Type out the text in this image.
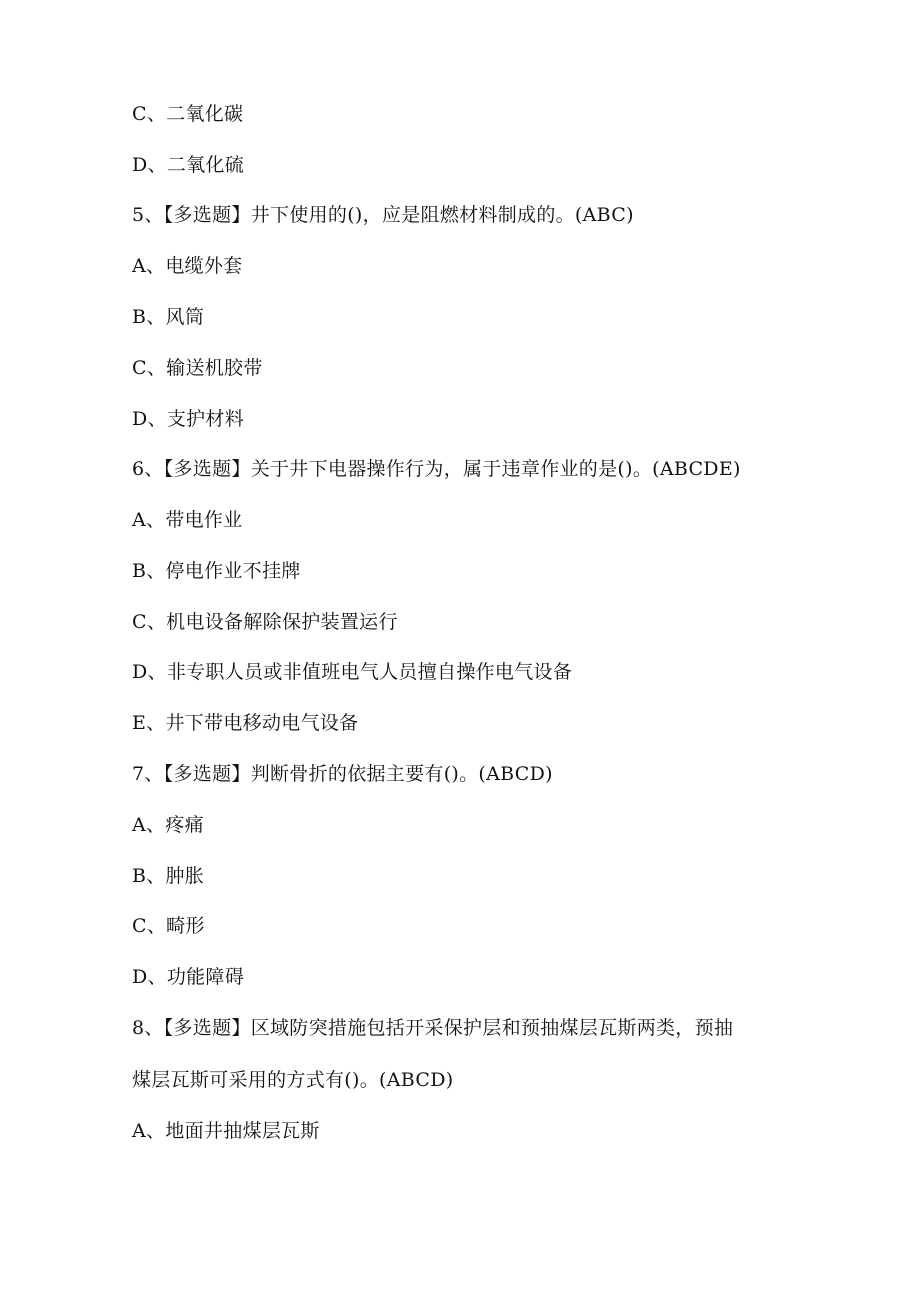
C、二氧化碳

D、二氧化硫

5、【多选题】井下使用的()，应是阻燃材料制成的。(ABC)

A、电缆外套

B、风筒

C、输送机胶带

D、支护材料

6、【多选题】关于井下电器操作行为，属于违章作业的是()。(ABCDE)

A、带电作业

B、停电作业不挂牌

C、机电设备解除保护装置运行

D、非专职人员或非值班电气人员擅自操作电气设备

E、井下带电移动电气设备

7、【多选题】判断骨折的依据主要有()。(ABCD)

A、疼痛

B、肿胀

C、畸形

D、功能障碍

8、【多选题】区域防突措施包括开采保护层和预抽煤层瓦斯两类，预抽

煤层瓦斯可采用的方式有()。(ABCD)

A、地面井抽煤层瓦斯
